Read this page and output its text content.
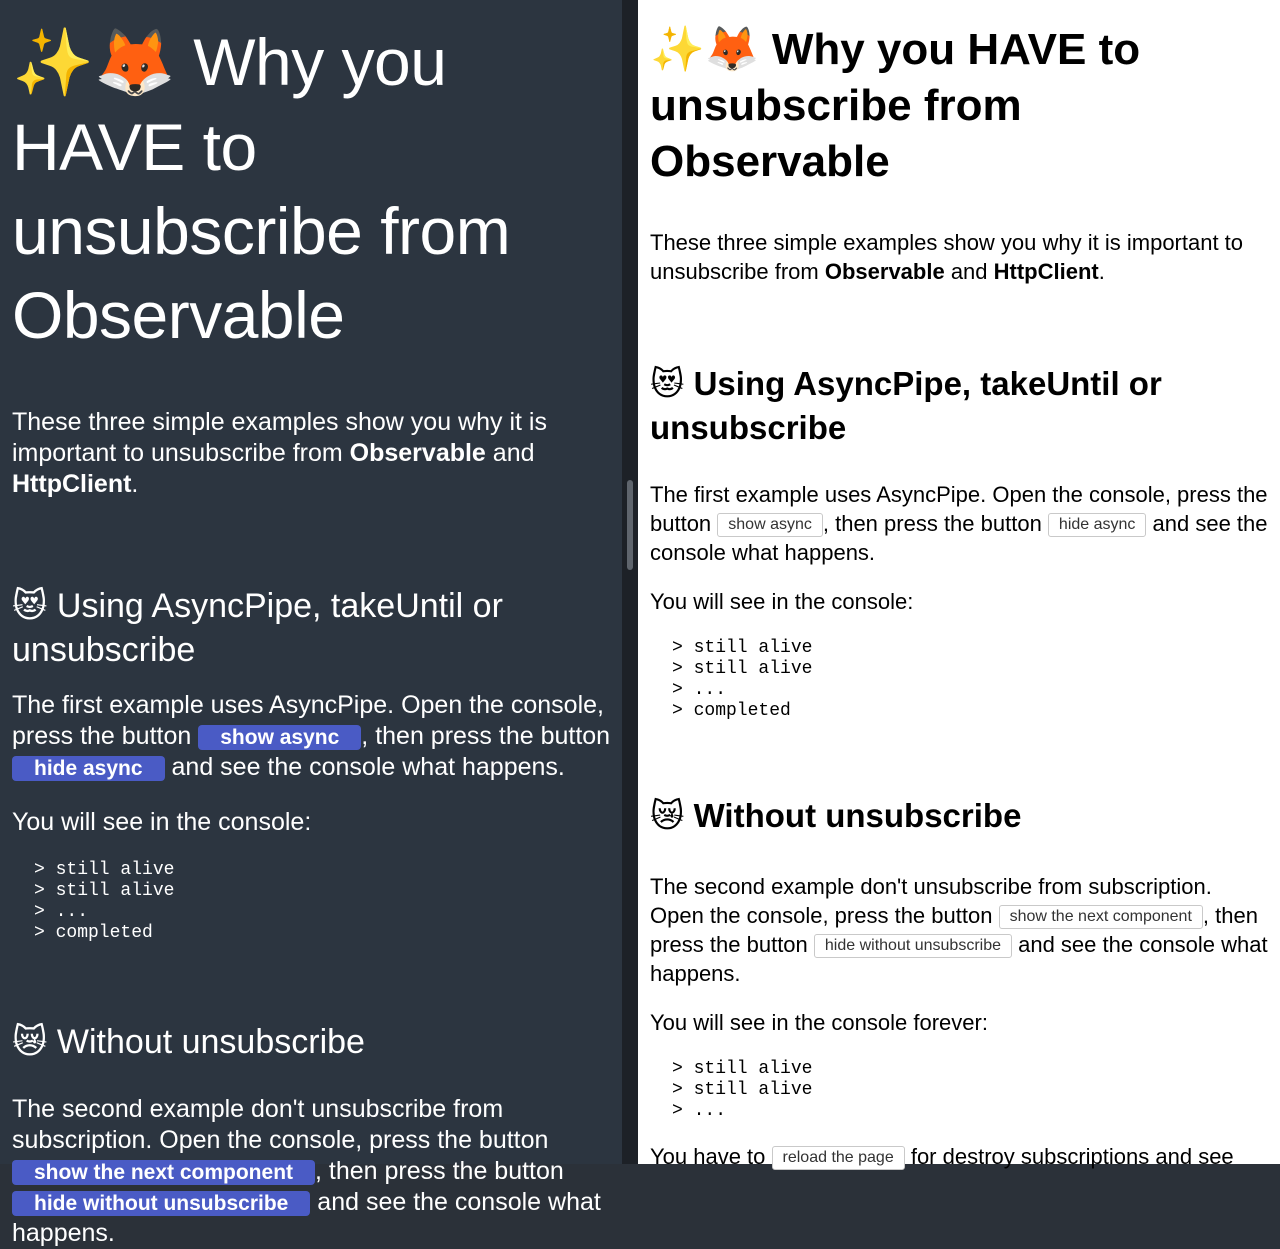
✨🦊 Why you HAVE to unsubscribe from Observable

These three simple examples show you why it is important to unsubscribe from Observable and HttpClient.

😻 Using AsyncPipe, takeUntil or unsubscribe

The first example uses AsyncPipe. Open the console, press the button show async , then press the button hide async and see the console what happens.

You will see in the console:

> still alive
> still alive
> ...
> completed
😿 Without unsubscribe

The second example don't unsubscribe from subscription. Open the console, press the button show the next component , then press the button hide without unsubscribe and see the console what happens.

✨🦊 Why you HAVE to unsubscribe from Observable

These three simple examples show you why it is important to unsubscribe from Observable and HttpClient.

😻 Using AsyncPipe, takeUntil or unsubscribe

The first example uses AsyncPipe. Open the console, press the button show async , then press the button hide async and see the console what happens.

You will see in the console:

> still alive
> still alive
> ...
> completed
😿 Without unsubscribe

The second example don't unsubscribe from subscription. Open the console, press the button show the next component , then press the button hide without unsubscribe and see the console what happens.

You will see in the console forever:

> still alive
> still alive
> ...

You have to reload the page for destroy subscriptions and see
